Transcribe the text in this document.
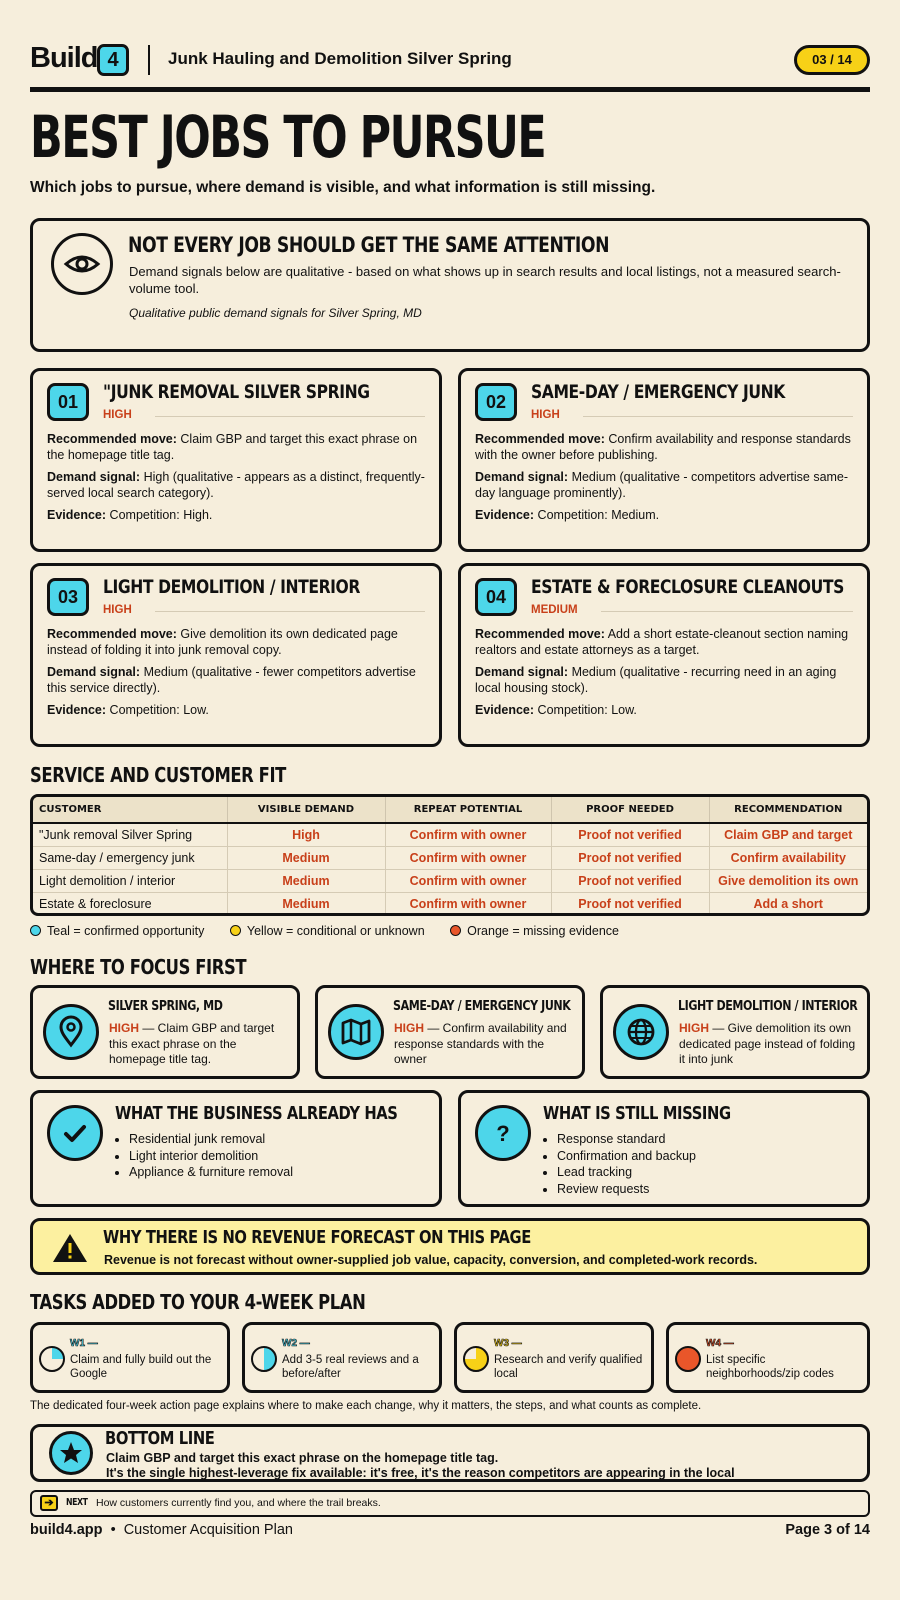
Build 4	Junk Hauling and Demolition Silver Spring	03 / 14
BEST JOBS TO PURSUE
Which jobs to pursue, where demand is visible, and what information is still missing.
NOT EVERY JOB SHOULD GET THE SAME ATTENTION
Demand signals below are qualitative - based on what shows up in search results and local listings, not a measured search-volume tool.
Qualitative public demand signals for Silver Spring, MD
01	"JUNK REMOVAL SILVER SPRING
HIGH

Recommended move: Claim GBP and target this exact phrase on the homepage title tag.

Demand signal: High (qualitative - appears as a distinct, frequently-served local search category).

Evidence: Competition: High.

02	SAME-DAY / EMERGENCY JUNK
HIGH

Recommended move: Confirm availability and response standards with the owner before publishing.

Demand signal: Medium (qualitative - competitors advertise same-day language prominently).

Evidence: Competition: Medium.

03	LIGHT DEMOLITION / INTERIOR
HIGH

Recommended move: Give demolition its own dedicated page instead of folding it into junk removal copy.

Demand signal: Medium (qualitative - fewer competitors advertise this service directly).

Evidence: Competition: Low.

04	ESTATE & FORECLOSURE CLEANOUTS
MEDIUM

Recommended move: Add a short estate-cleanout section naming realtors and estate attorneys as a target.

Demand signal: Medium (qualitative - recurring need in an aging local housing stock).

Evidence: Competition: Low.

SERVICE AND CUSTOMER FIT
CUSTOMER	VISIBLE DEMAND	REPEAT POTENTIAL	PROOF NEEDED	RECOMMENDATION
"Junk removal Silver Spring	High	Confirm with owner	Proof not verified	Claim GBP and target
Same-day / emergency junk	Medium	Confirm with owner	Proof not verified	Confirm availability
Light demolition / interior	Medium	Confirm with owner	Proof not verified	Give demolition its own
Estate & foreclosure	Medium	Confirm with owner	Proof not verified	Add a short
Teal = confirmed opportunity	Yellow = conditional or unknown	Orange = missing evidence
WHERE TO FOCUS FIRST
SILVER SPRING, MD
HIGH — Claim GBP and target this exact phrase on the homepage title tag.
SAME-DAY / EMERGENCY JUNK
HIGH — Confirm availability and response standards with the owner
LIGHT DEMOLITION / INTERIOR
HIGH — Give demolition its own dedicated page instead of folding it into junk
WHAT THE BUSINESS ALREADY HAS
• Residential junk removal
• Light interior demolition
• Appliance & furniture removal
?
WHAT IS STILL MISSING
• Response standard
• Confirmation and backup
• Lead tracking
• Review requests
WHY THERE IS NO REVENUE FORECAST ON THIS PAGE
Revenue is not forecast without owner-supplied job value, capacity, conversion, and completed-work records.
TASKS ADDED TO YOUR 4-WEEK PLAN
W1 —
Claim and fully build out the Google
W2 —
Add 3-5 real reviews and a before/after
W3 —
Research and verify qualified local
W4 —
List specific neighborhoods/zip codes
The dedicated four-week action page explains where to make each change, why it matters, the steps, and what counts as complete.
BOTTOM LINE
Claim GBP and target this exact phrase on the homepage title tag.
It's the single highest-leverage fix available: it's free, it's the reason competitors are appearing in the local
➔	NEXT How customers currently find you, and where the trail breaks.
build4.app • Customer Acquisition Plan	Page 3 of 14
